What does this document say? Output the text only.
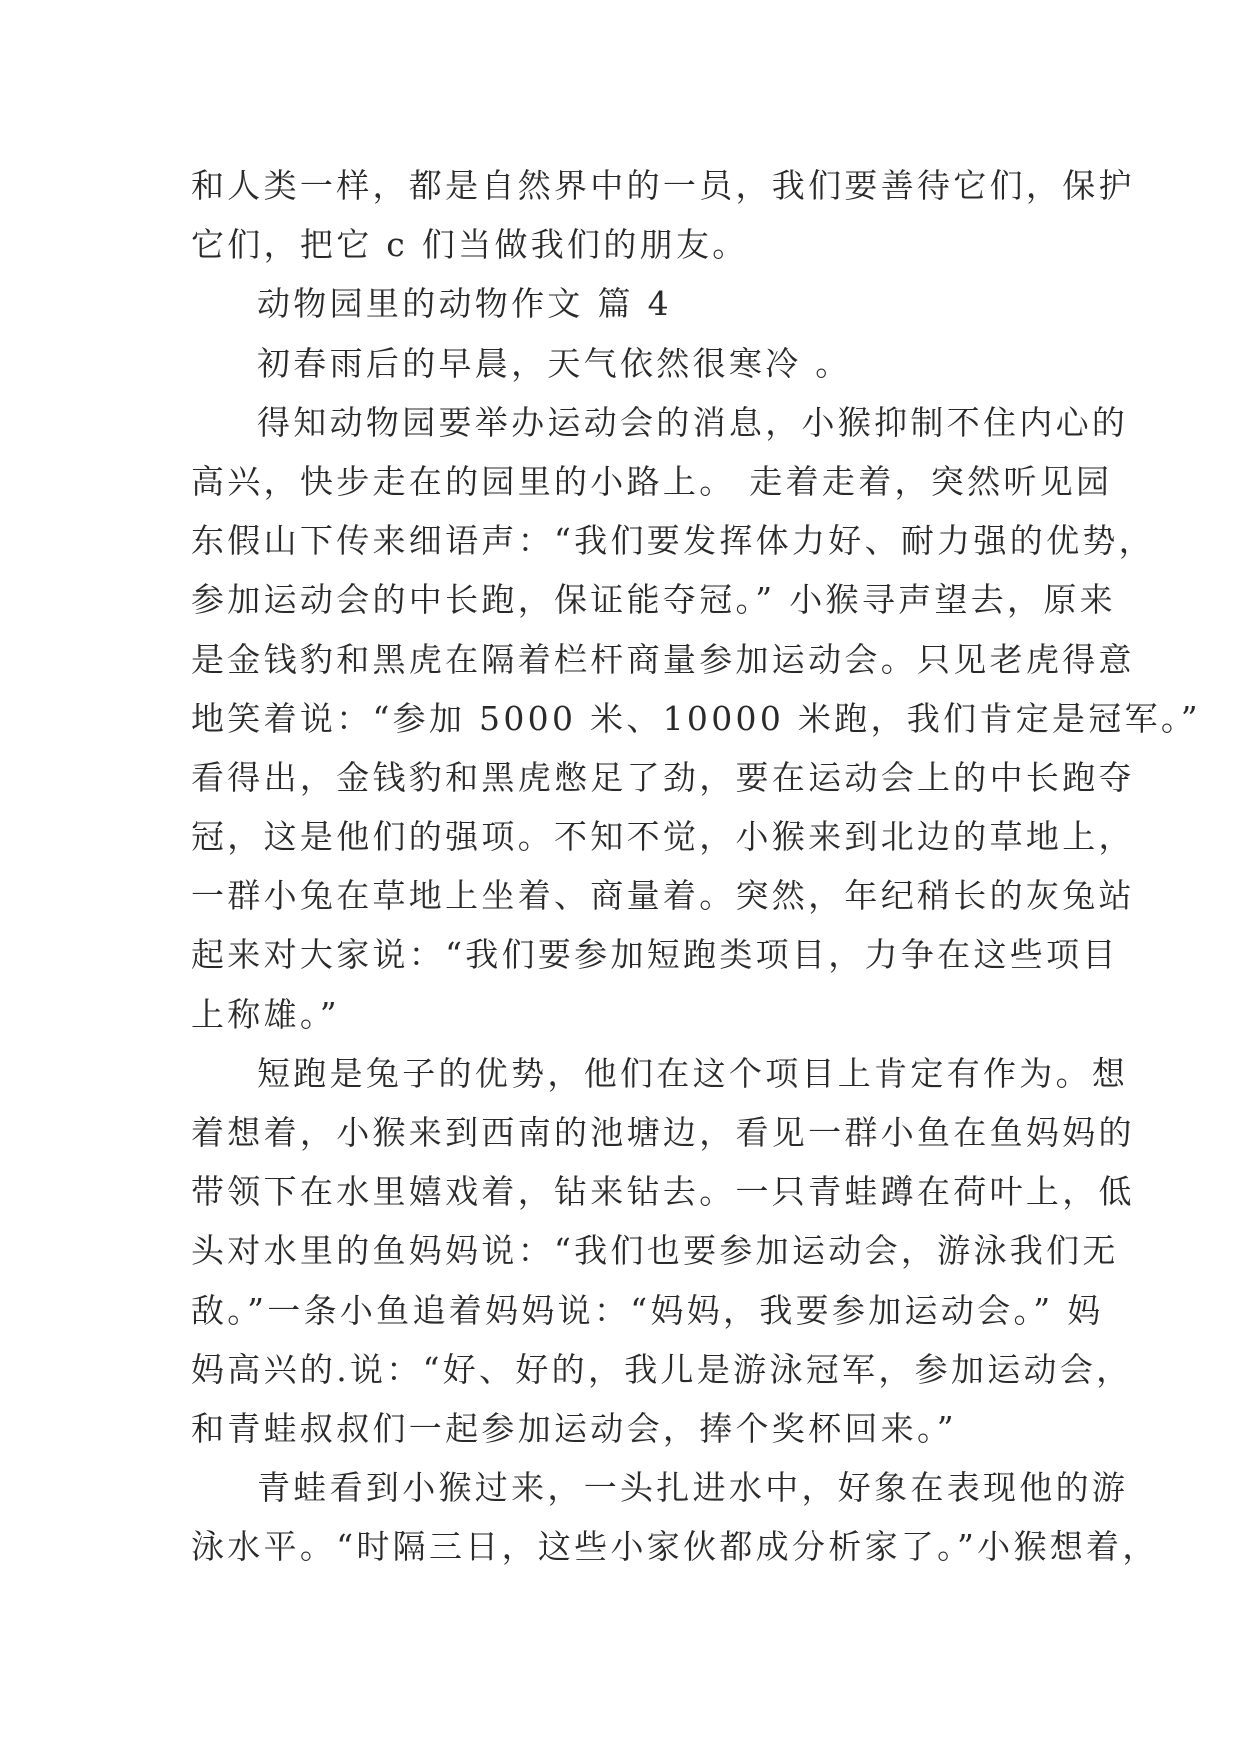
和人类一样，都是自然界中的一员，我们要善待它们，保护
它们，把它 c 们当做我们的朋友。
动物园里的动物作文 篇 4
初春雨后的早晨，天气依然很寒冷 。
得知动物园要举办运动会的消息，小猴抑制不住内心的
高兴，快步走在的园里的小路上。 走着走着，突然听见园
东假山下传来细语声：“我们要发挥体力好、耐力强的优势，
参加运动会的中长跑，保证能夺冠。” 小猴寻声望去，原来
是金钱豹和黑虎在隔着栏杆商量参加运动会。只见老虎得意
地笑着说：“参加 5000 米、10000 米跑，我们肯定是冠军。”
看得出，金钱豹和黑虎憋足了劲，要在运动会上的中长跑夺
冠，这是他们的强项。不知不觉，小猴来到北边的草地上，
一群小兔在草地上坐着、商量着。突然，年纪稍长的灰兔站
起来对大家说：“我们要参加短跑类项目，力争在这些项目
上称雄。”
短跑是兔子的优势，他们在这个项目上肯定有作为。想
着想着，小猴来到西南的池塘边，看见一群小鱼在鱼妈妈的
带领下在水里嬉戏着，钻来钻去。一只青蛙蹲在荷叶上，低
头对水里的鱼妈妈说：“我们也要参加运动会，游泳我们无
敌。”一条小鱼追着妈妈说：“妈妈，我要参加运动会。” 妈
妈高兴的.说：“好、好的，我儿是游泳冠军，参加运动会，
和青蛙叔叔们一起参加运动会，捧个奖杯回来。”
青蛙看到小猴过来，一头扎进水中，好象在表现他的游
泳水平。“时隔三日，这些小家伙都成分析家了。”小猴想着，
